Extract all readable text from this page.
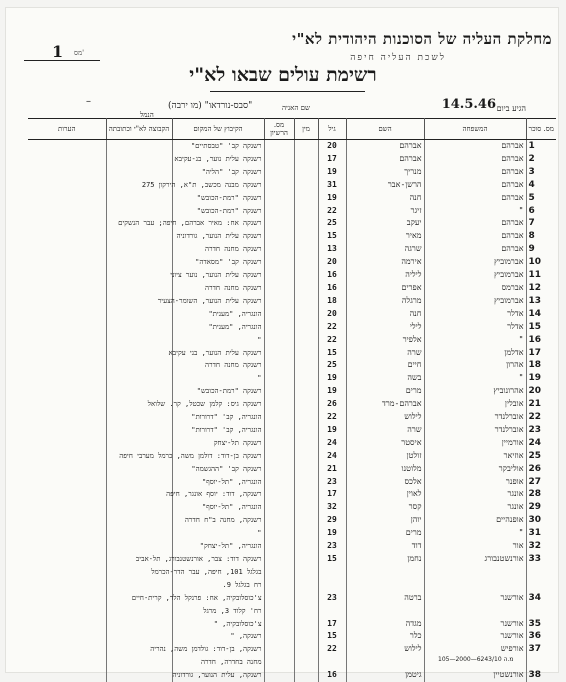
מחלקת העליה של הסוכנות היהודית לא"י
לשכת העליה חיפה
מס'
1
רשימת עולים שבאו לא"י
14.5.46 הגיע ביום
שם האניה
"סבס-נורדאו" (מו ירבה)
הנמל
–
מס. סוכר	המשפחה	השם	גיל	מין	מס. הרשיון	הקיבוץ של המקום	הקבוצה לא"י וכתובתה	הערות
1	אברהם	אברהם	20			רשנקה קב' "טבסתיים"		
2	אברהם	אברהם	17			רשנקה עלית נוער, בנ-עקיבא		
3	אברהם	מנריך	19			רשנקה קב' "הליה"		
4	אברהם	הרשן-אבר	31			רשנקה מבנה מכשב, ת"א, הירקון 275		
5	אברהם	חנה	19			רשנקה "רמת-הכובש"		
6	"	זיגר	22			רשנקה "רמת-הכובש"		
7	אברהם	יעקב	25			רשנקה אח: מאיר אברהם, חיפה; עבר הנשקים		
8	אברהם	מאיר	15			רשנקה עלית הנוער, גורדוניה		
9	אברהם	שרגה	13			רשנקה מחנה חדרה		
10	אברמוביץ	אירמה	20			רשנקה קב' "מסאדה"		
11	אברמוביץ	ליליה	16			רשנקה עלית הנוער, נוער ציוני		
12	אברמס	אפרים	16			רשנקה מחנה חדרה		
13	אברמוביץ	מרגלה	18			רשנקה עלית הנוער, השומר-הצעיר		
14	אדלר	חנה	20			הונגריה, "מענית"		
15	אדלר	לילי	22			הונגריה, "מענית"		
16	"	אלפיר	22			"		
17	אדלמן	שרה	15			רשנקה עלית הנוער, בני עקיבא		
18	אהרון	חיים	25			רשנקה מחנה חדרה		
19	"	בשה	19			"		
20	אהרונוביץ	מרים	19			רשנקה "רמת-הכובש"		
21	אובלין	אברהם-מרד	26			רשנקה גיס: קלמן שכטל, קר. שלואל		
22	אוברלנדר	לילוש	22			הונגריה, קב' "דרורות"		
23	אוברלנדר	שרה	19			הונגריה, קב' "דרורות"		
24	אורמיין	איסטר	24			רשנקה תל-יצחק		
25	אוזיאר	זולטן	24			רשנקה בן-דוד: דולמן משה, כרמל מערבי חיפה		
26	אוליבקר	מלוטנו	21			רשנקה קב' "ההגשמה"		
27	אופנר	אלכס	23			הונגריה, "תל-יוסף"		
28	אונגר	לאוין	17			רשנקה, דוד: יוסף אונגר, חיפה		
29	אונגר	קסר	32			הונגריה, "תל-יוסף"		
30	אופנהיים	יוהן	29			רשנקה, מחנה ב"ח חדרה		
31	"	מרים	19			"		
32	אור	דוד	23			הונגריה, "תל-יצחק"		
33	אורנשטנבורג	נחמן	15			רשנקה דוד: צבר, אורנשטנבורג, תל-אביב		
						בגלגל 101, חיפה, עבר הדר-הכרמל		
						רח בגלגל 9.		
34	אורשנר	ברטה	23			צ'כוסלובקיה, אח: פרנקל הלד, קרית-חיים		
						רח' קלוד 3, מרגל		
35	אורשנר	מגדה	17			צ'כוסלובקיה, "		
36	אורשנר	כלר	15			רשנקה, "		
37	אורפיש	לילוש	22			רשנקה, בן-דוד: גולדמן משה, נהריה		
						מחנה בחדרה, חדרה		
38	אורנשטיין	גיטמן	16			רשנקה, עלית הנוער, גורדוניה		
105—2000—6243/10 מ.ה
